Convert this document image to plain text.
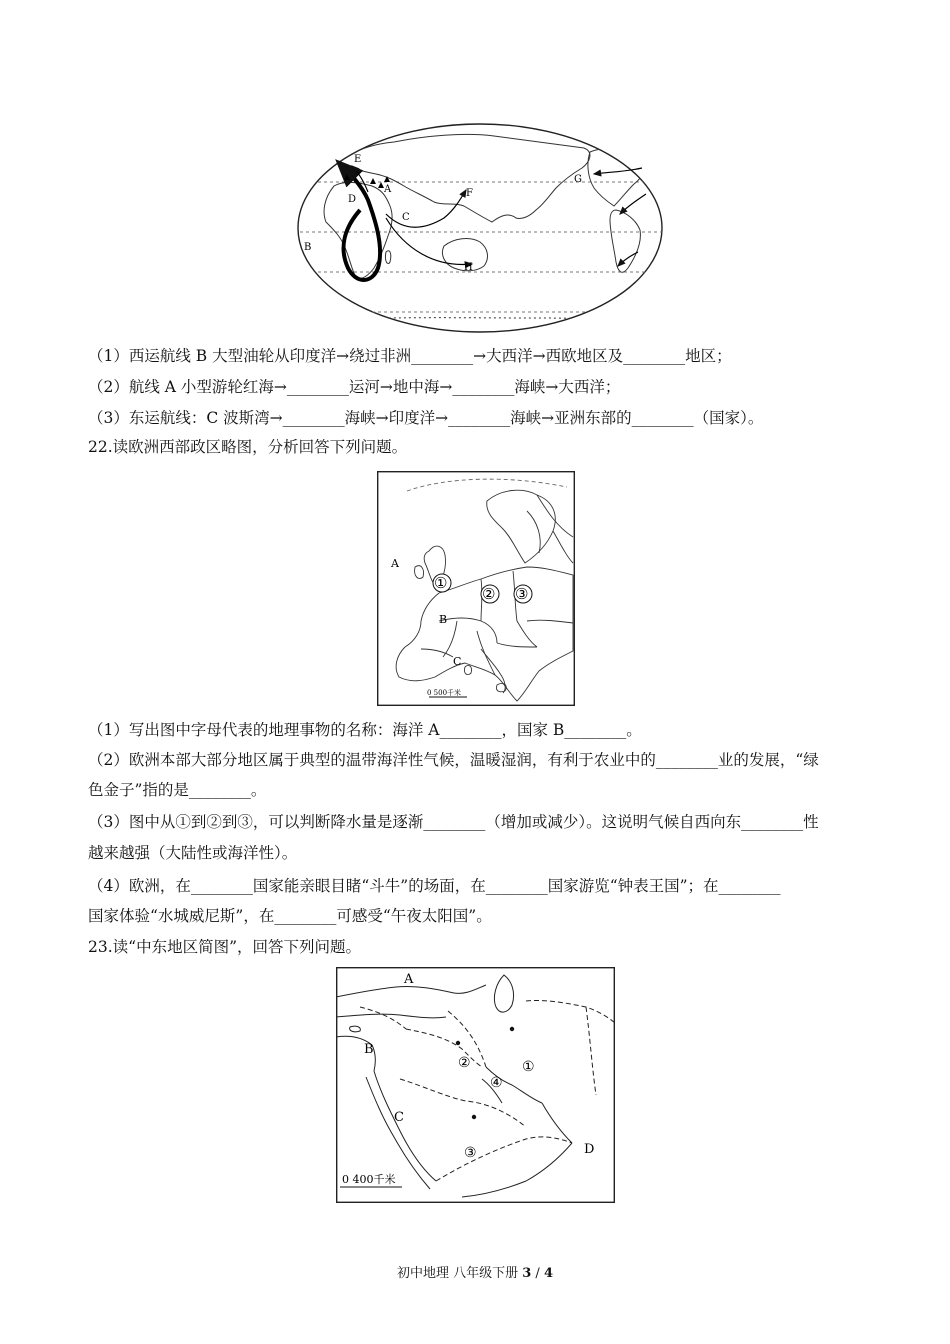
E
A
D
C
F
B
H
G
（1）西运航线 B 大型油轮从印度洋→绕过非洲________→大西洋→西欧地区及________地区；
（2）航线 A 小型游轮红海→________运河→地中海→________海峡→大西洋；
（3）东运航线：C 波斯湾→________海峡→印度洋→________海峡→亚洲东部的________（国家）。
22.读欧洲西部政区略图，分析回答下列问题。
A
B
C
①
② ③
0 500千米
（1）写出图中字母代表的地理事物的名称：海洋 A________，国家 B________。
（2）欧洲本部大部分地区属于典型的温带海洋性气候，温暖湿润，有利于农业中的________业的发展，“绿
色金子”指的是________。
（3）图中从①到②到③，可以判断降水量是逐渐________（增加或减少）。这说明气候自西向东________性
越来越强（大陆性或海洋性）。
（4）欧洲，在________国家能亲眼目睹“斗牛”的场面，在________国家游览“钟表王国”；在________
国家体验“水城威尼斯”，在________可感受“午夜太阳国”。
23.读“中东地区简图”，回答下列问题。
A
B
C
D
①
②
③
④
0 400千米
初中地理 八年级下册 3 / 4
